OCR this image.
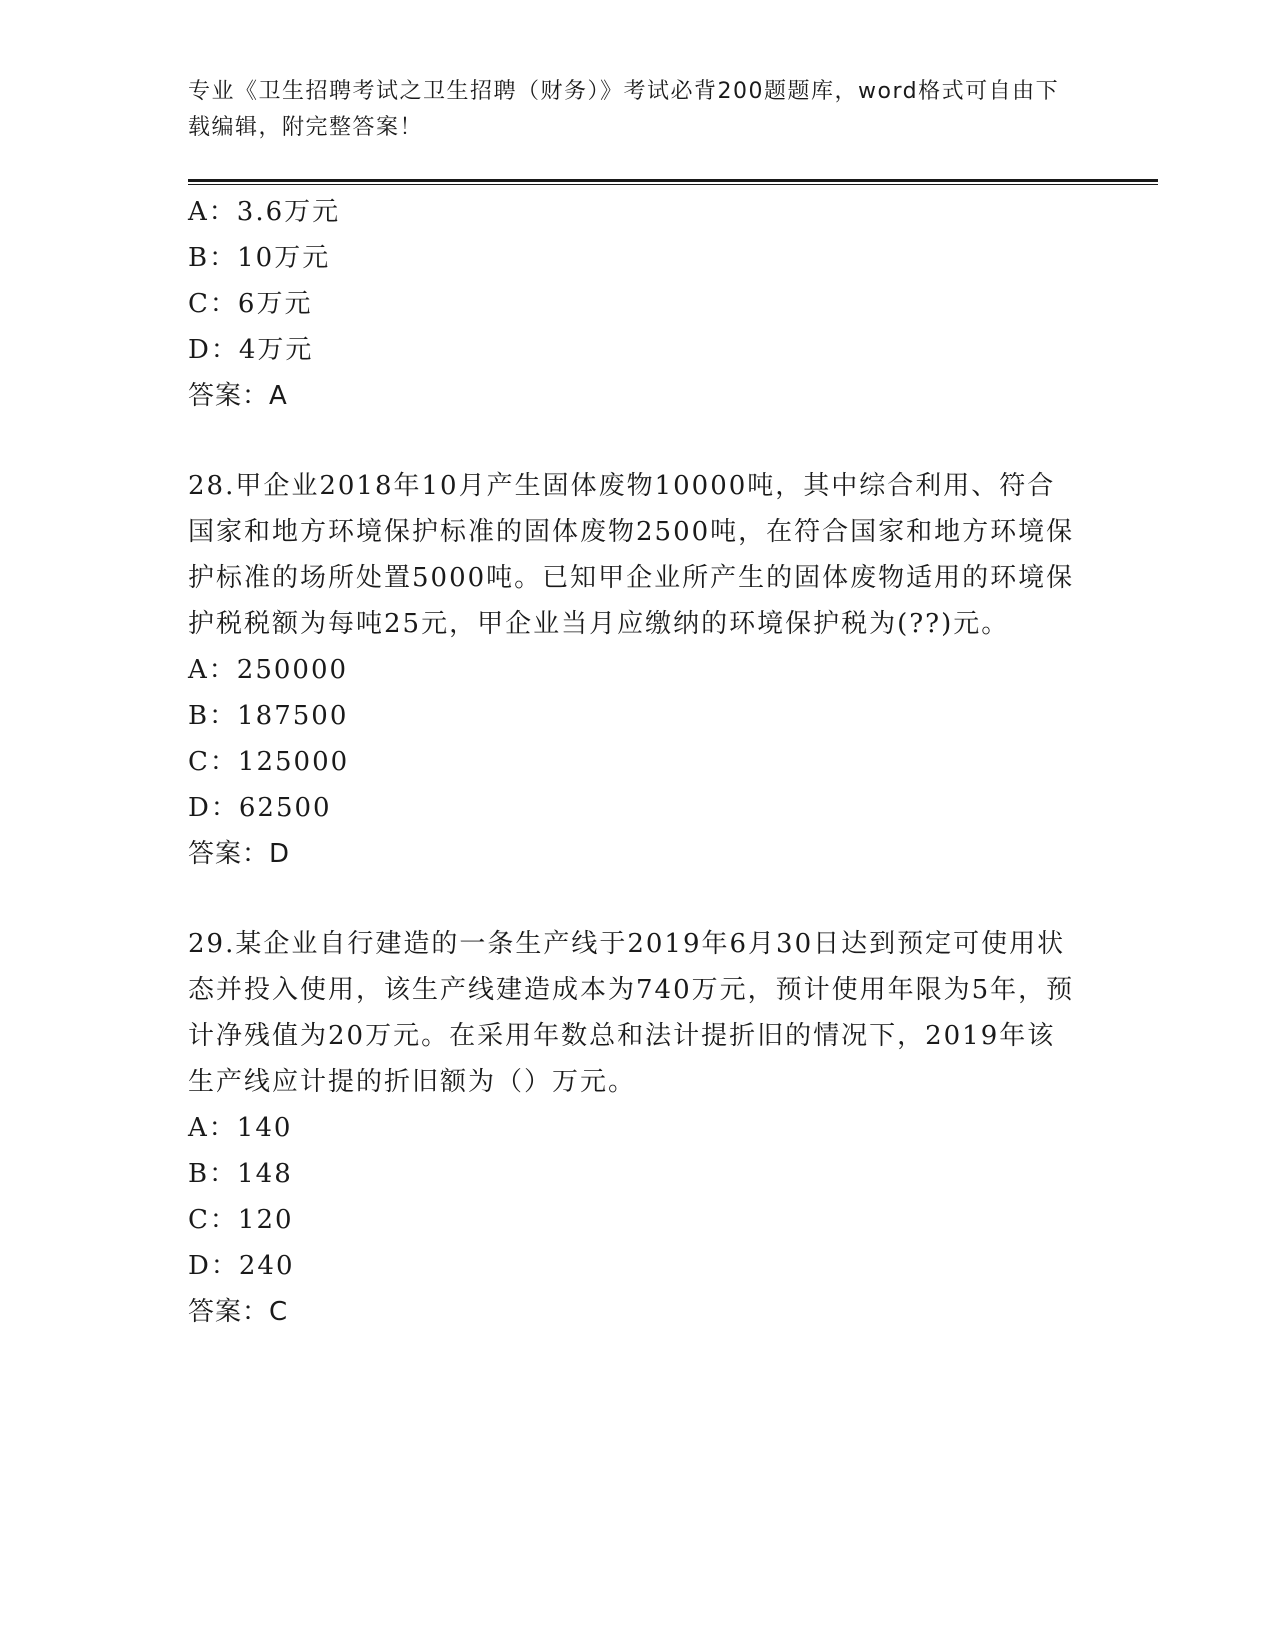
专业《卫生招聘考试之卫生招聘（财务）》考试必背200题题库，word格式可自由下载编辑，附完整答案！
A：3.6万元
B：10万元
C：6万元
D：4万元
答案：A
28.甲企业2018年10月产生固体废物10000吨，其中综合利用、符合国家和地方环境保护标准的固体废物2500吨，在符合国家和地方环境保护标准的场所处置5000吨。已知甲企业所产生的固体废物适用的环境保护税税额为每吨25元，甲企业当月应缴纳的环境保护税为(??)元。
A：250000
B：187500
C：125000
D：62500
答案：D
29.某企业自行建造的一条生产线于2019年6月30日达到预定可使用状态并投入使用，该生产线建造成本为740万元，预计使用年限为5年，预计净残值为20万元。在采用年数总和法计提折旧的情况下，2019年该生产线应计提的折旧额为（）万元。
A：140
B：148
C：120
D：240
答案：C
